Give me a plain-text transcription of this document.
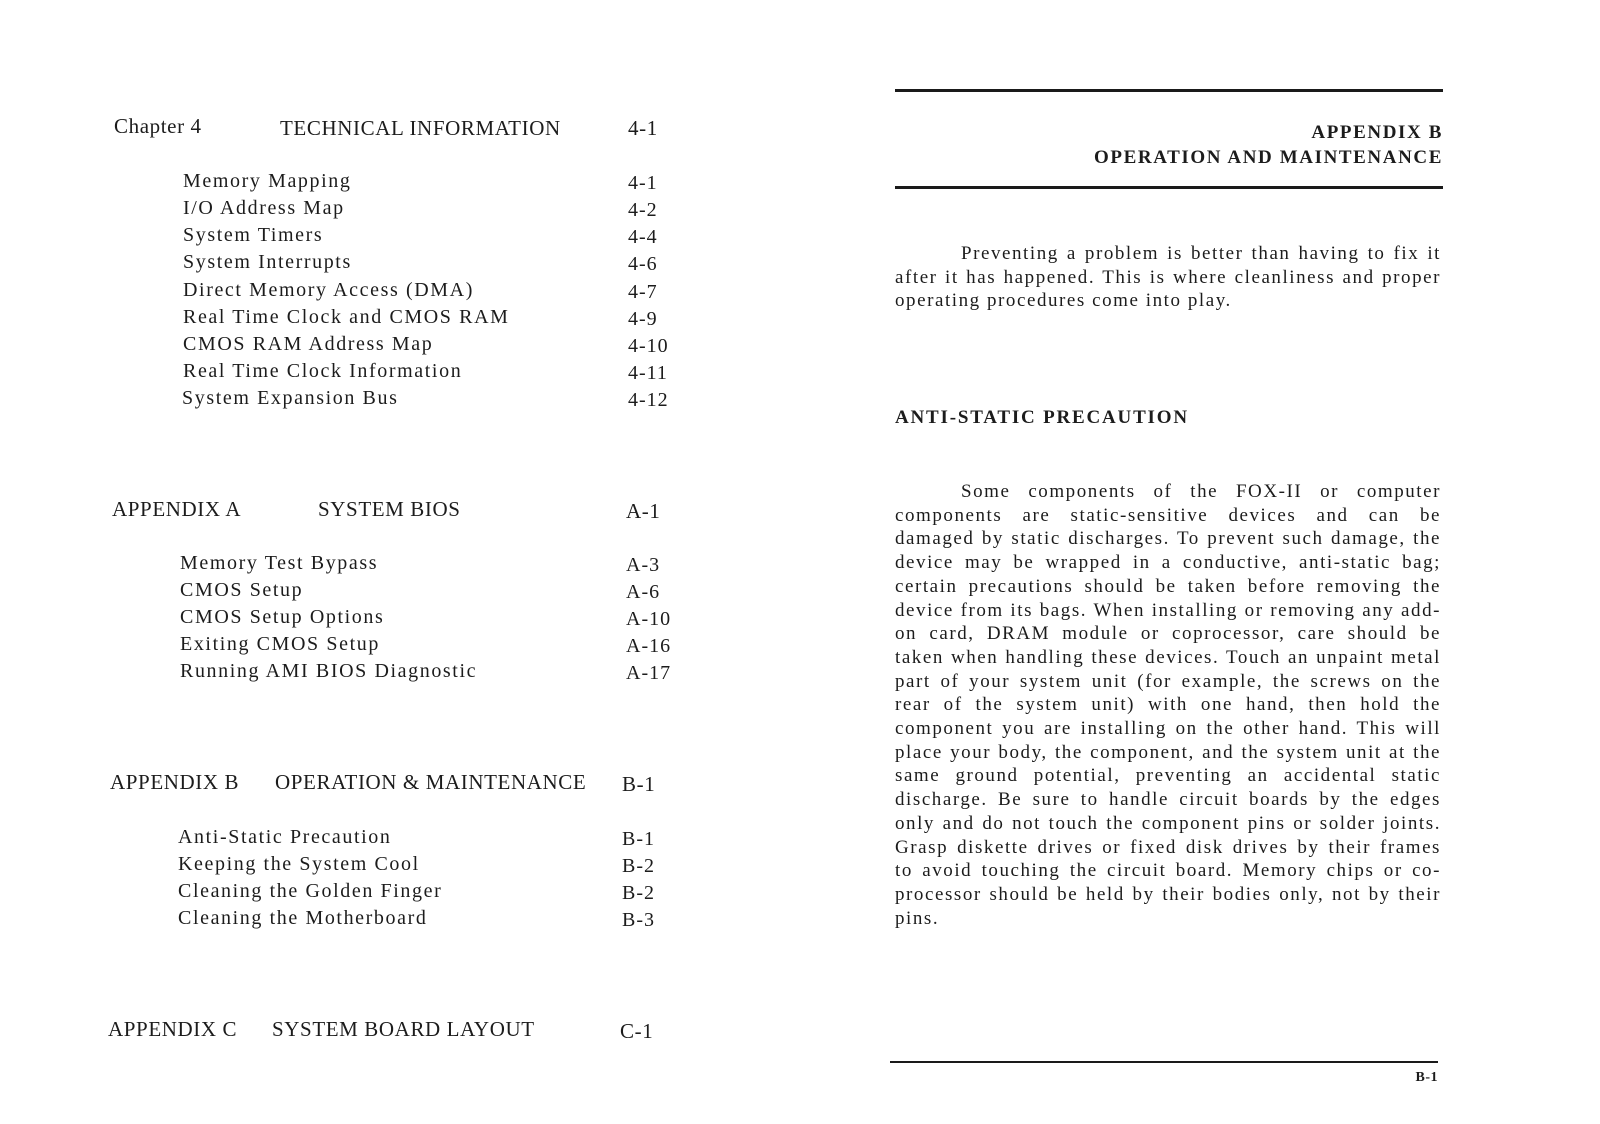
Chapter 4	TECHNICAL INFORMATION	4-1
Memory Mapping	4-1
I/O Address Map	4-2
System Timers	4-4
System Interrupts	4-6
Direct Memory Access (DMA)	4-7
Real Time Clock and CMOS RAM	4-9
CMOS RAM Address Map	4-10
Real Time Clock Information	4-11
System Expansion Bus	4-12
APPENDIX A	SYSTEM BIOS	A-1
Memory Test Bypass	A-3
CMOS Setup	A-6
CMOS Setup Options	A-10
Exiting CMOS Setup	A-16
Running AMI BIOS Diagnostic	A-17
APPENDIX B OPERATION & MAINTENANCE B-1
Anti-Static Precaution	B-1
Keeping the System Cool	B-2
Cleaning the Golden Finger	B-2
Cleaning the Motherboard	B-3
APPENDIX C SYSTEM BOARD LAYOUT	C-1
APPENDIX B
OPERATION AND MAINTENANCE

Preventing a problem is better than having to fix it after it has happened. This is where cleanliness and proper operating procedures come into play.

ANTI-STATIC PRECAUTION

Some components of the FOX-II or computer components are static-sensitive devices and can be damaged by static discharges. To prevent such damage, the device may be wrapped in a conductive, anti-static bag; certain precautions should be taken before removing the device from its bags. When installing or removing any add-on card, DRAM module or coprocessor, care should be taken when handling these devices. Touch an unpaint metal part of your system unit (for example, the screws on the rear of the system unit) with one hand, then hold the component you are installing on the other hand. This will place your body, the component, and the system unit at the same ground potential, preventing an accidental static discharge. Be sure to handle circuit boards by the edges only and do not touch the component pins or solder joints. Grasp diskette drives or fixed disk drives by their frames to avoid touching the circuit board. Memory chips or co-processor should be held by their bodies only, not by their pins.

B-1
